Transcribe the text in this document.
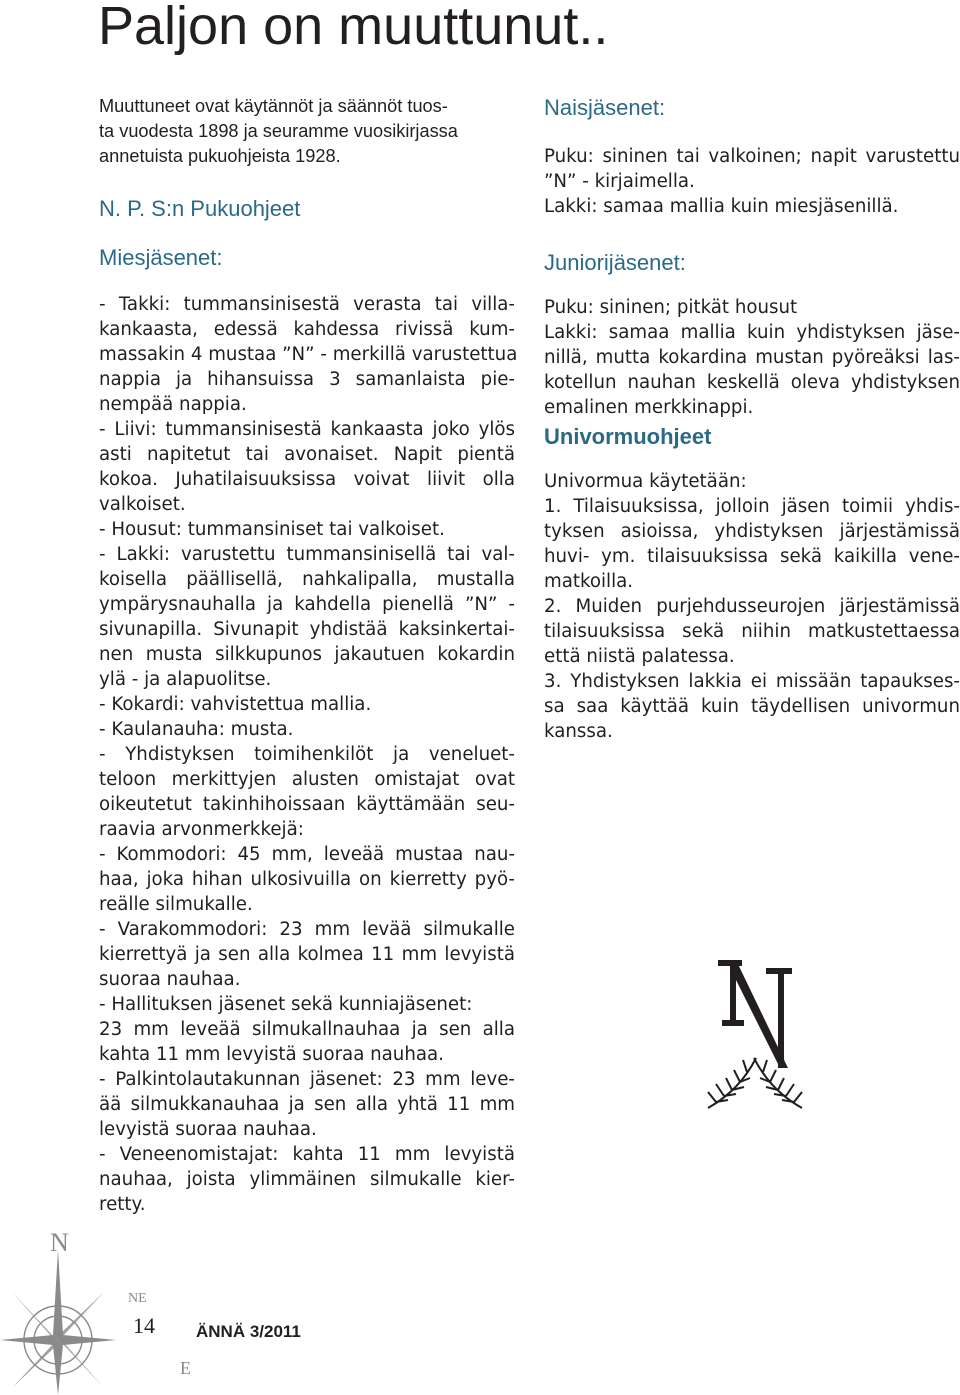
Paljon on muuttunut..
Muuttuneet ovat käytännöt ja säännöt tuos-
ta vuodesta 1898 ja seuramme vuosikirjassa
annetuista pukuohjeista 1928.
N. P. S:n Pukuohjeet
Miesjäsenet:
- Takki: tummansinisestä verasta tai villa-
kankaasta, edessä kahdessa rivissä kum-
massakin 4 mustaa ”N” - merkillä varustettua
nappia ja hihansuissa 3 samanlaista pie-
nempää nappia.
- Liivi: tummansinisestä kankaasta joko ylös
asti napitetut tai avonaiset. Napit pientä
kokoa. Juhatilaisuuksissa voivat liivit olla
valkoiset.
- Housut: tummansiniset tai valkoiset.
- Lakki: varustettu tummansinisellä tai val-
koisella päällisellä, nahkalipalla, mustalla
ympärysnauhalla ja kahdella pienellä ”N” -
sivunapilla. Sivunapit yhdistää kaksinkertai-
nen musta silkkupunos jakautuen kokardin
ylä - ja alapuolitse.
- Kokardi: vahvistettua mallia.
- Kaulanauha: musta.
- Yhdistyksen toimihenkilöt ja veneluet-
teloon merkittyjen alusten omistajat ovat
oikeutetut takinhihoissaan käyttämään seu-
raavia arvonmerkkejä:
- Kommodori: 45 mm, leveää mustaa nau-
haa, joka hihan ulkosivuilla on kierretty pyö-
reälle silmukalle.
- Varakommodori: 23 mm levää silmukalle
kierrettyä ja sen alla kolmea 11 mm levyistä
suoraa nauhaa.
- Hallituksen jäsenet sekä kunniajäsenet:
23 mm leveää silmukallnauhaa ja sen alla
kahta 11 mm levyistä suoraa nauhaa.
- Palkintolautakunnan jäsenet: 23 mm leve-
ää silmukkanauhaa ja sen alla yhtä 11 mm
levyistä suoraa nauhaa.
- Veneenomistajat: kahta 11 mm levyistä
nauhaa, joista ylimmäinen silmukalle kier-
retty.
Naisjäsenet:
Puku: sininen tai valkoinen; napit varustettu
”N” - kirjaimella.
Lakki: samaa mallia kuin miesjäsenillä.
Juniorijäsenet:
Puku: sininen; pitkät housut
Lakki: samaa mallia kuin yhdistyksen jäse-
nillä, mutta kokardina mustan pyöreäksi las-
kotellun nauhan keskellä oleva yhdistyksen
emalinen merkkinappi.
Univormuohjeet
Univormua käytetään:
1. Tilaisuuksissa, jolloin jäsen toimii yhdis-
tyksen asioissa, yhdistyksen järjestämissä
huvi- ym. tilaisuuksissa sekä kaikilla vene-
matkoilla.
2. Muiden purjehdusseurojen järjestämissä
tilaisuuksissa sekä niihin matkustettaessa
että niistä palatessa.
3. Yhdistyksen lakkia ei missään tapaukses-
sa saa käyttää kuin täydellisen univormun
kanssa.
N
NE
E
14 ÄNNÄ 3/2011
